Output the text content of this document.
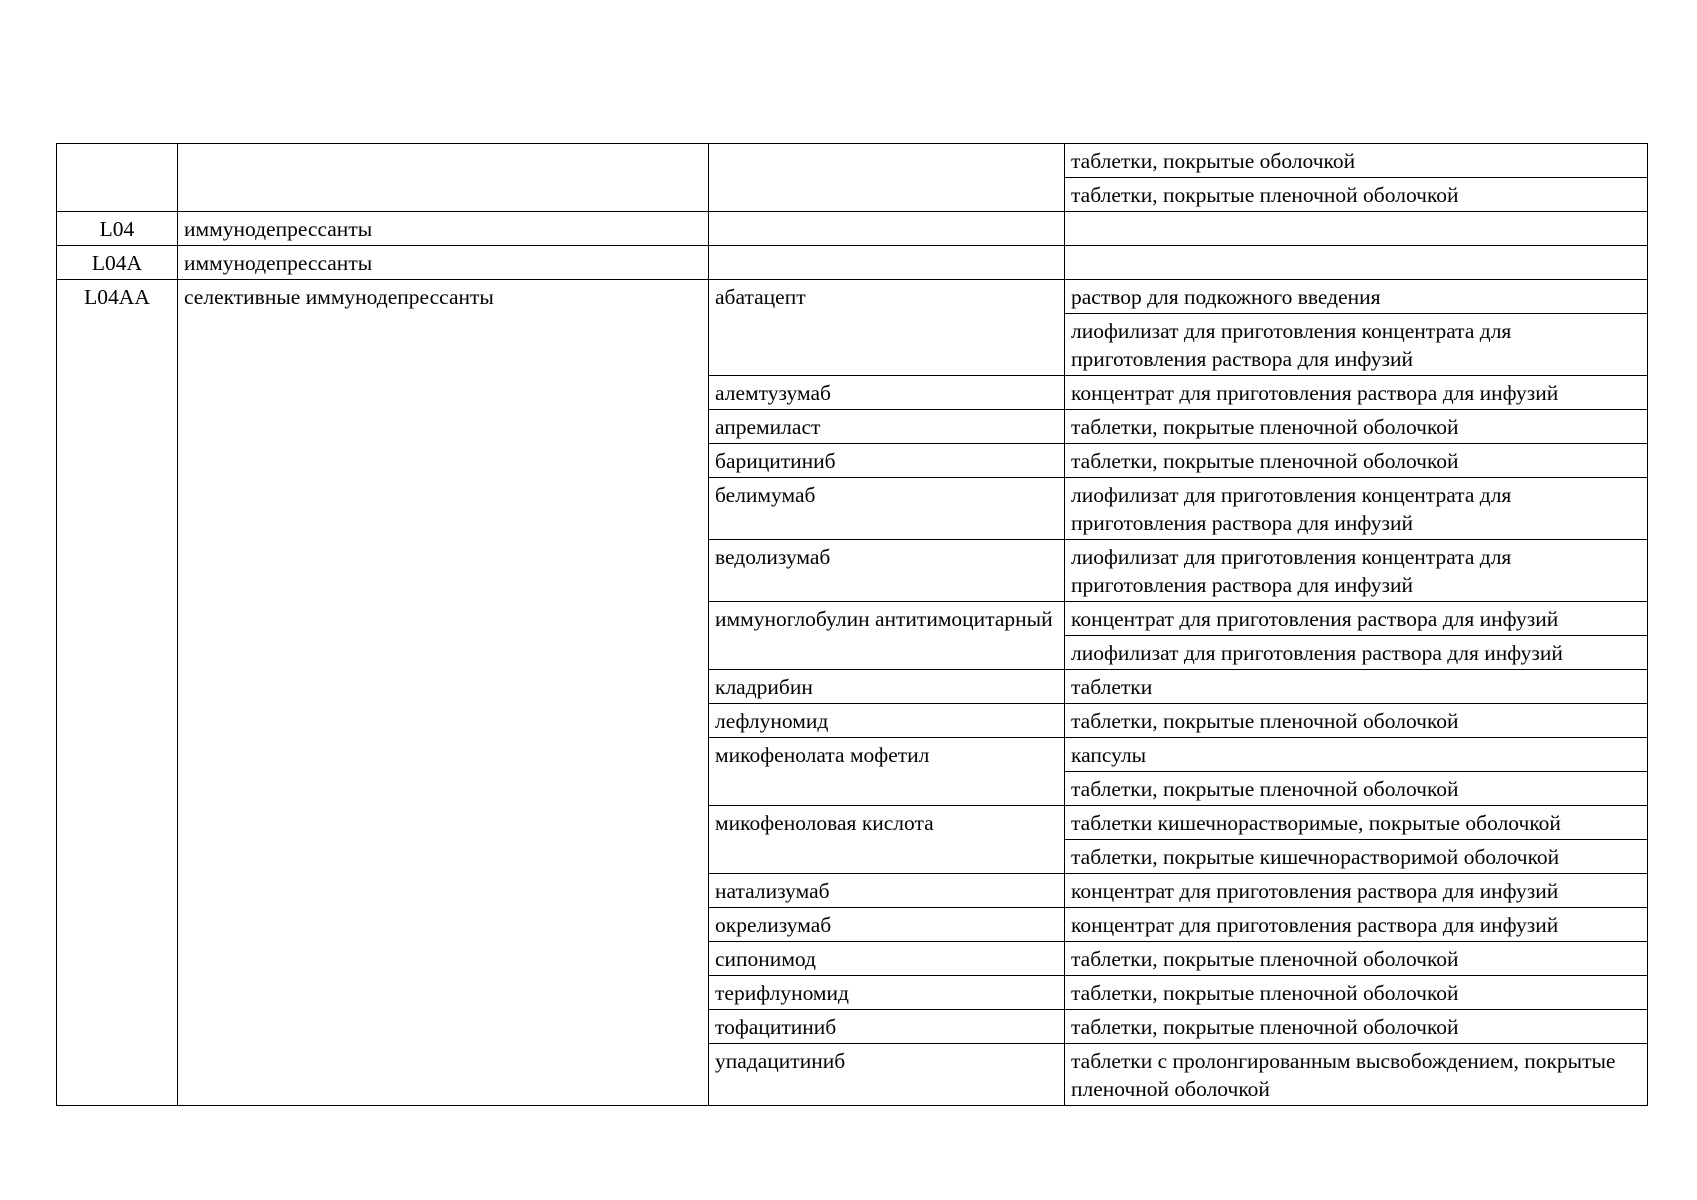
			таблетки, покрытые оболочкой
			таблетки, покрытые пленочной оболочкой
L04	иммунодепрессанты		
L04A	иммунодепрессанты		
L04AA	селективные иммунодепрессанты	абатацепт	раствор для подкожного введения
			лиофилизат для приготовления концентрата для приготовления раствора для инфузий
		алемтузумаб	концентрат для приготовления раствора для инфузий
		апремиласт	таблетки, покрытые пленочной оболочкой
		барицитиниб	таблетки, покрытые пленочной оболочкой
		белимумаб	лиофилизат для приготовления концентрата для приготовления раствора для инфузий
		ведолизумаб	лиофилизат для приготовления концентрата для приготовления раствора для инфузий
		иммуноглобулин антитимоцитарный	концентрат для приготовления раствора для инфузий
			лиофилизат для приготовления раствора для инфузий
		кладрибин	таблетки
		лефлуномид	таблетки, покрытые пленочной оболочкой
		микофенолата мофетил	капсулы
			таблетки, покрытые пленочной оболочкой
		микофеноловая кислота	таблетки кишечнорастворимые, покрытые оболочкой
			таблетки, покрытые кишечнорастворимой оболочкой
		натализумаб	концентрат для приготовления раствора для инфузий
		окрелизумаб	концентрат для приготовления раствора для инфузий
		сипонимод	таблетки, покрытые пленочной оболочкой
		терифлуномид	таблетки, покрытые пленочной оболочкой
		тофацитиниб	таблетки, покрытые пленочной оболочкой
		упадацитиниб	таблетки с пролонгированным высвобождением, покрытые пленочной оболочкой
